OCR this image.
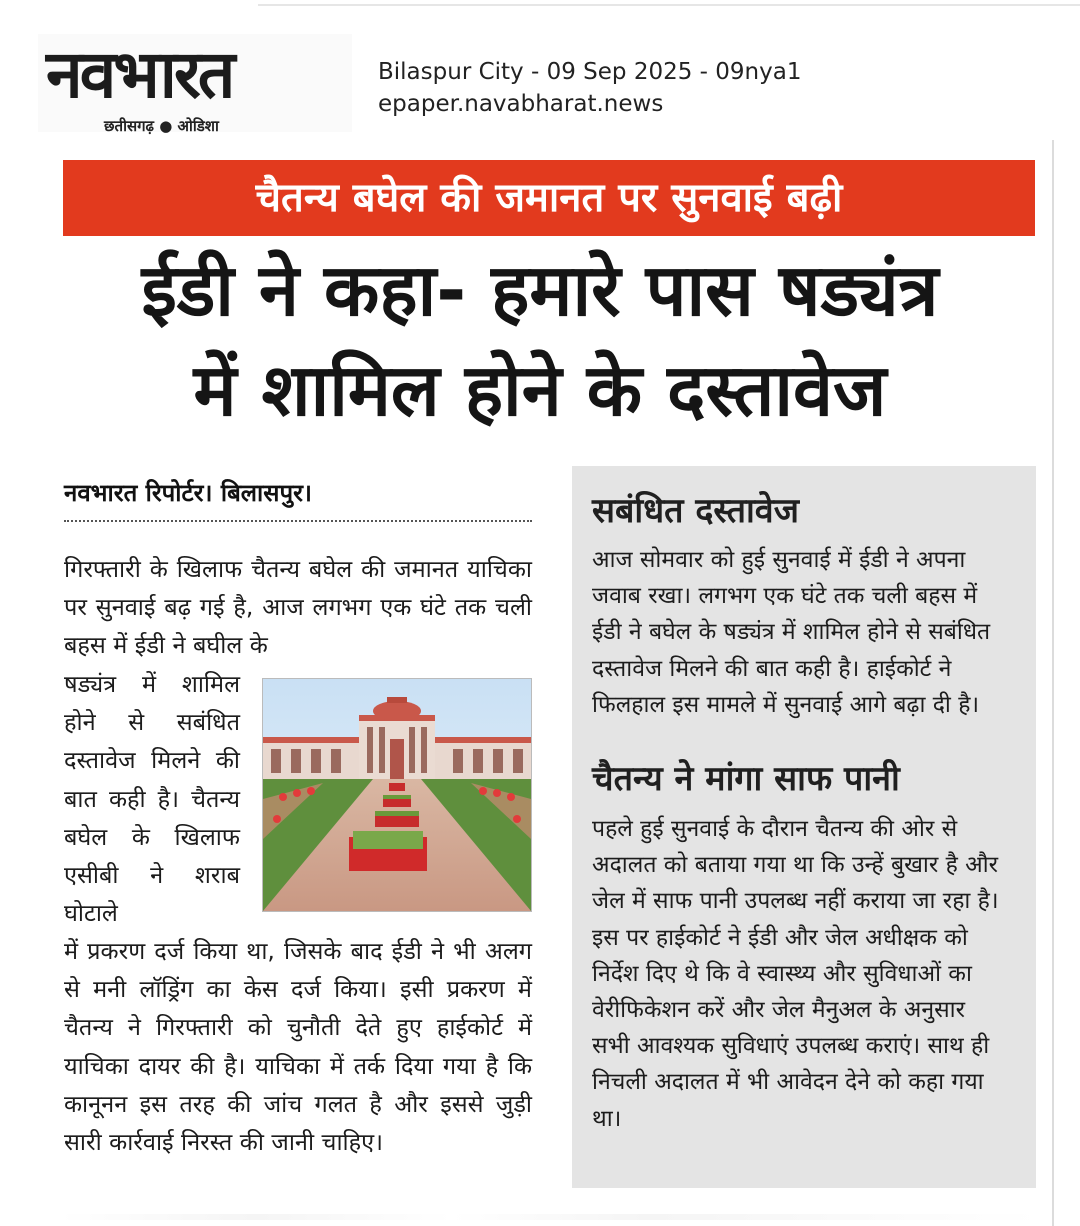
नवभारत
छतीसगढ़ ● ओडिशा
Bilaspur City - 09 Sep 2025 - 09nya1
epaper.navabharat.news
चैतन्य बघेल की जमानत पर सुनवाई बढ़ी
ईडी ने कहा- हमारे पास षड्यंत्र
में शामिल होने के दस्तावेज
नवभारत रिपोर्टर। बिलासपुर।

गिरफ्तारी के खिलाफ चैतन्य बघेल की जमानत याचिका पर सुनवाई बढ़ गई है, आज लगभग एक घंटे तक चली बहस में ईडी ने बघील के

षड्यंत्र में शामिल होने से सबंधित दस्तावेज मिलने की बात कही है। चैतन्य बघेल के खिलाफ एसीबी ने शराब घोटाले

में प्रकरण दर्ज किया था, जिसके बाद ईडी ने भी अलग से मनी लॉड्रिंग का केस दर्ज किया। इसी प्रकरण में चैतन्य ने गिरफ्तारी को चुनौती देते हुए हाईकोर्ट में याचिका दायर की है। याचिका में तर्क दिया गया है कि कानूनन इस तरह की जांच गलत है और इससे जुड़ी सारी कार्रवाई निरस्त की जानी चाहिए।

सबंधित दस्तावेज

आज सोमवार को हुई सुनवाई में ईडी ने अपना जवाब रखा। लगभग एक घंटे तक चली बहस में ईडी ने बघेल के षड्यंत्र में शामिल होने से सबंधित दस्तावेज मिलने की बात कही है। हाईकोर्ट ने फिलहाल इस मामले में सुनवाई आगे बढ़ा दी है।

चैतन्य ने मांगा साफ पानी

पहले हुई सुनवाई के दौरान चैतन्य की ओर से अदालत को बताया गया था कि उन्हें बुखार है और जेल में साफ पानी उपलब्ध नहीं कराया जा रहा है। इस पर हाईकोर्ट ने ईडी और जेल अधीक्षक को निर्देश दिए थे कि वे स्वास्थ्य और सुविधाओं का वेरीफिकेशन करें और जेल मैनुअल के अनुसार सभी आवश्यक सुविधाएं उपलब्ध कराएं। साथ ही निचली अदालत में भी आवेदन देने को कहा गया था।
